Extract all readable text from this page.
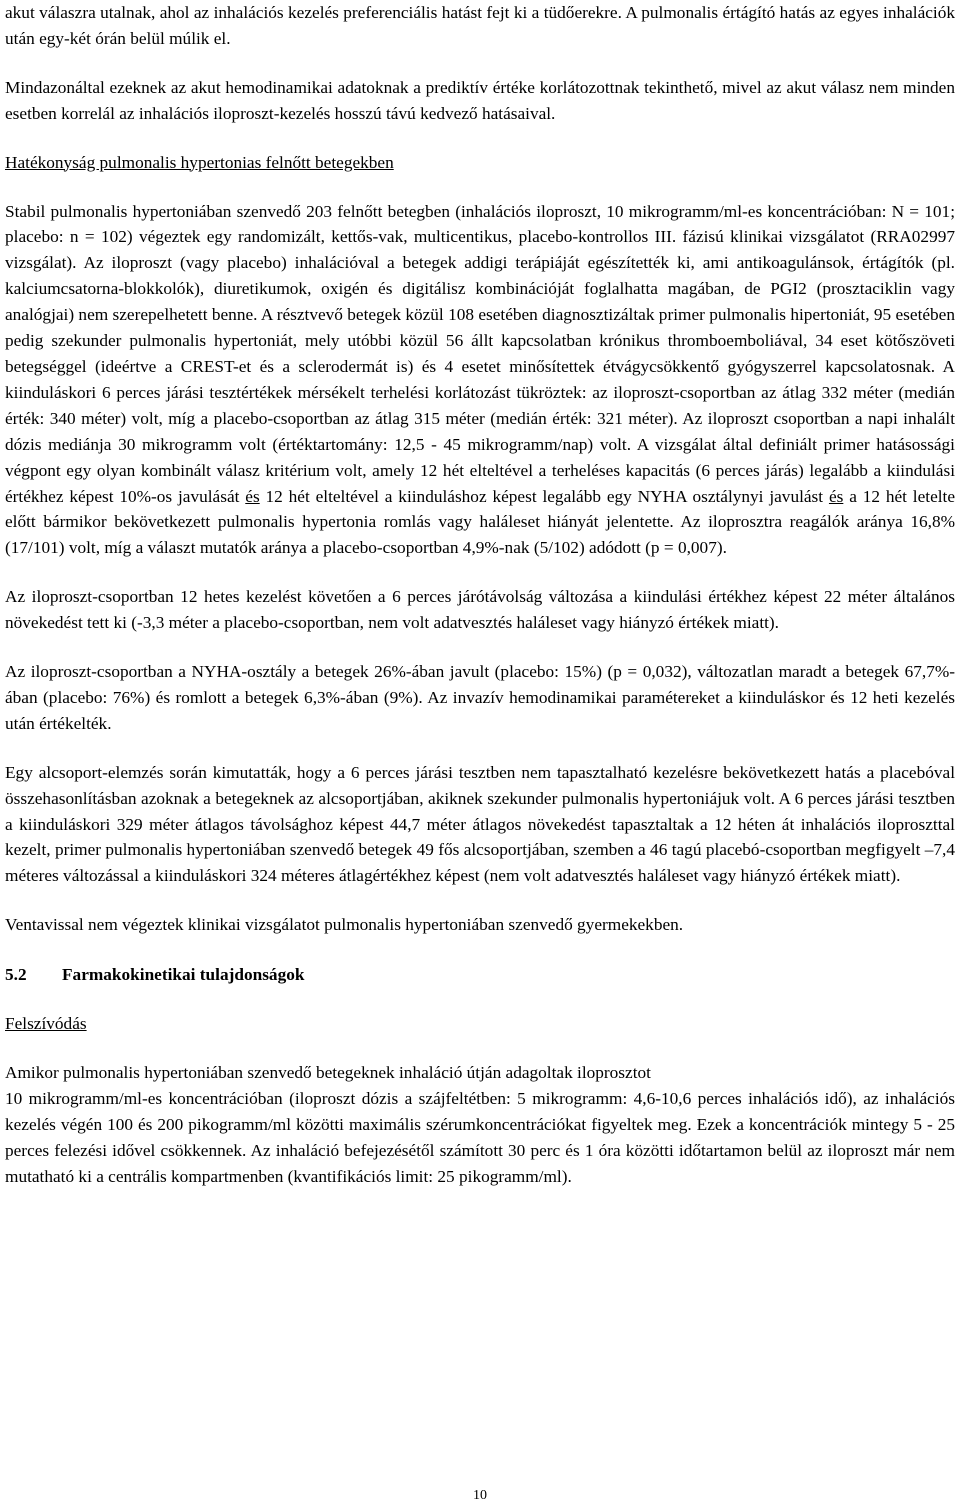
akut válaszra utalnak, ahol az inhalációs kezelés preferenciális hatást fejt ki a tüdőerekre. A pulmonalis értágító hatás az egyes inhalációk után egy-két órán belül múlik el.

Mindazonáltal ezeknek az akut hemodinamikai adatoknak a prediktív értéke korlátozottnak tekinthető, mivel az akut válasz nem minden esetben korrelál az inhalációs iloproszt-kezelés hosszú távú kedvező hatásaival.

Hatékonyság pulmonalis hypertonias felnőtt betegekben

Stabil pulmonalis hypertoniában szenvedő 203 felnőtt betegben (inhalációs iloproszt, 10 mikrogramm/ml-es koncentrációban: N = 101; placebo: n = 102) végeztek egy randomizált, kettős-vak, multicentikus, placebo-kontrollos III. fázisú klinikai vizsgálatot (RRA02997 vizsgálat). Az iloproszt (vagy placebo) inhalációval a betegek addigi terápiáját egészítették ki, ami antikoagulánsok, értágítók (pl. kalciumcsatorna-blokkolók), diuretikumok, oxigén és digitálisz kombinációját foglalhatta magában, de PGI2 (prosztaciklin vagy analógjai) nem szerepelhetett benne. A résztvevő betegek közül 108 esetében diagnosztizáltak primer pulmonalis hipertoniát, 95 esetében pedig szekunder pulmonalis hypertoniát, mely utóbbi közül 56 állt kapcsolatban krónikus thromboemboliával, 34 eset kötőszöveti betegséggel (ideértve a CREST-et és a sclerodermát is) és 4 esetet minősítettek étvágycsökkentő gyógyszerrel kapcsolatosnak. A kiinduláskori 6 perces járási tesztértékek mérsékelt terhelési korlátozást tükröztek: az iloproszt-csoportban az átlag 332 méter (medián érték: 340 méter) volt, míg a placebo-csoportban az átlag 315 méter (medián érték: 321 méter). Az iloproszt csoportban a napi inhalált dózis mediánja 30 mikrogramm volt (értéktartomány: 12,5 - 45 mikrogramm/nap) volt. A vizsgálat által definiált primer hatásossági végpont egy olyan kombinált válasz kritérium volt, amely 12 hét elteltével a terheléses kapacitás (6 perces járás) legalább a kiindulási értékhez képest 10%-os javulását és 12 hét elteltével a kiinduláshoz képest legalább egy NYHA osztálynyi javulást és a 12 hét letelte előtt bármikor bekövetkezett pulmonalis hypertonia romlás vagy haláleset hiányát jelentette. Az iloprosztra reagálók aránya 16,8% (17/101) volt, míg a választ mutatók aránya a placebo-csoportban 4,9%-nak (5/102) adódott (p = 0,007).

Az iloproszt-csoportban 12 hetes kezelést követően a 6 perces járótávolság változása a kiindulási értékhez képest 22 méter általános növekedést tett ki (-3,3 méter a placebo-csoportban, nem volt adatvesztés haláleset vagy hiányzó értékek miatt).

Az iloproszt-csoportban a NYHA-osztály a betegek 26%-ában javult (placebo: 15%) (p = 0,032), változatlan maradt a betegek 67,7%-ában (placebo: 76%) és romlott a betegek 6,3%-ában (9%). Az invazív hemodinamikai paramétereket a kiinduláskor és 12 heti kezelés után értékelték.

Egy alcsoport-elemzés során kimutatták, hogy a 6 perces járási tesztben nem tapasztalható kezelésre bekövetkezett hatás a placebóval összehasonlításban azoknak a betegeknek az alcsoportjában, akiknek szekunder pulmonalis hypertoniájuk volt. A 6 perces járási tesztben a kiinduláskori 329 méter átlagos távolsághoz képest 44,7 méter átlagos növekedést tapasztaltak a 12 héten át inhalációs iloproszttal kezelt, primer pulmonalis hypertoniában szenvedő betegek 49 fős alcsoportjában, szemben a 46 tagú placebó-csoportban megfigyelt –7,4 méteres változással a kiinduláskori 324 méteres átlagértékhez képest (nem volt adatvesztés haláleset vagy hiányzó értékek miatt).

Ventavissal nem végeztek klinikai vizsgálatot pulmonalis hypertoniában szenvedő gyermekekben.

5.2 Farmakokinetikai tulajdonságok

Felszívódás

Amikor pulmonalis hypertoniában szenvedő betegeknek inhaláció útján adagoltak iloprosztot
10 mikrogramm/ml-es koncentrációban (iloproszt dózis a szájfeltétben: 5 mikrogramm: 4,6-10,6 perces inhalációs idő), az inhalációs kezelés végén 100 és 200 pikogramm/ml közötti maximális szérumkoncentrációkat figyeltek meg. Ezek a koncentrációk mintegy 5 - 25 perces felezési idővel csökkennek. Az inhaláció befejezésétől számított 30 perc és 1 óra közötti időtartamon belül az iloproszt már nem mutatható ki a centrális kompartmenben (kvantifikációs limit: 25 pikogramm/ml).

10
